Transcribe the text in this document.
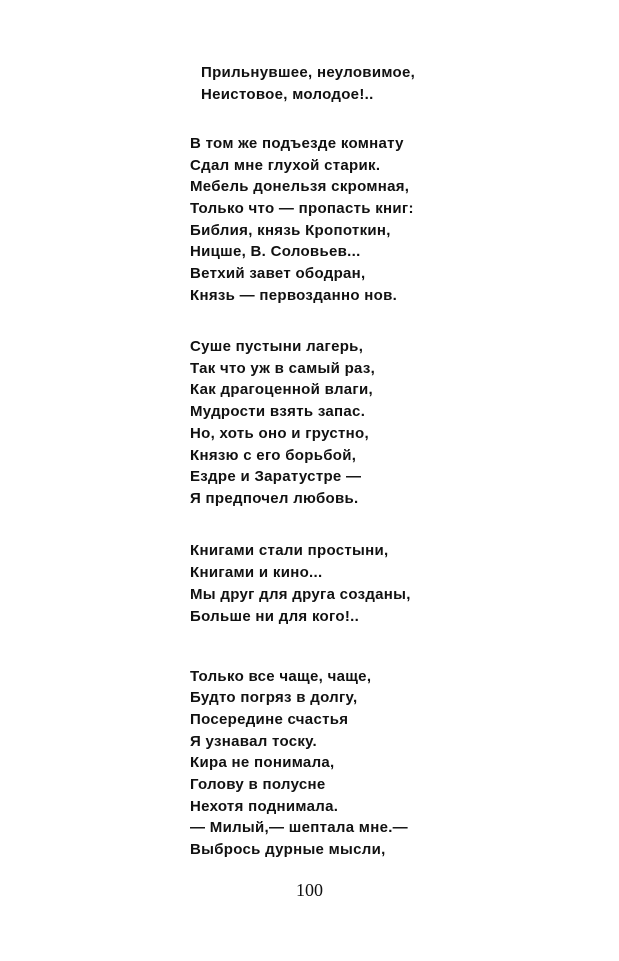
Прильнувшее, неуловимое,
Неистовое, молодое!..
В том же подъезде комнату
Сдал мне глухой старик.
Мебель донельзя скромная,
Только что — пропасть книг:
Библия, князь Кропоткин,
Ницше, В. Соловьев...
Ветхий завет ободран,
Князь — первозданно нов.
Суше пустыни лагерь,
Так что уж в самый раз,
Как драгоценной влаги,
Мудрости взять запас.
Но, хоть оно и грустно,
Князю с его борьбой,
Ездре и Заратустре —
Я предпочел любовь.
Книгами стали простыни,
Книгами и кино...
Мы друг для друга созданы,
Больше ни для кого!..
Только все чаще, чаще,
Будто погряз в долгу,
Посередине счастья
Я узнавал тоску.
Кира не понимала,
Голову в полусне
Нехотя поднимала.
— Милый,— шептала мне.—
Выбрось дурные мысли,
100
